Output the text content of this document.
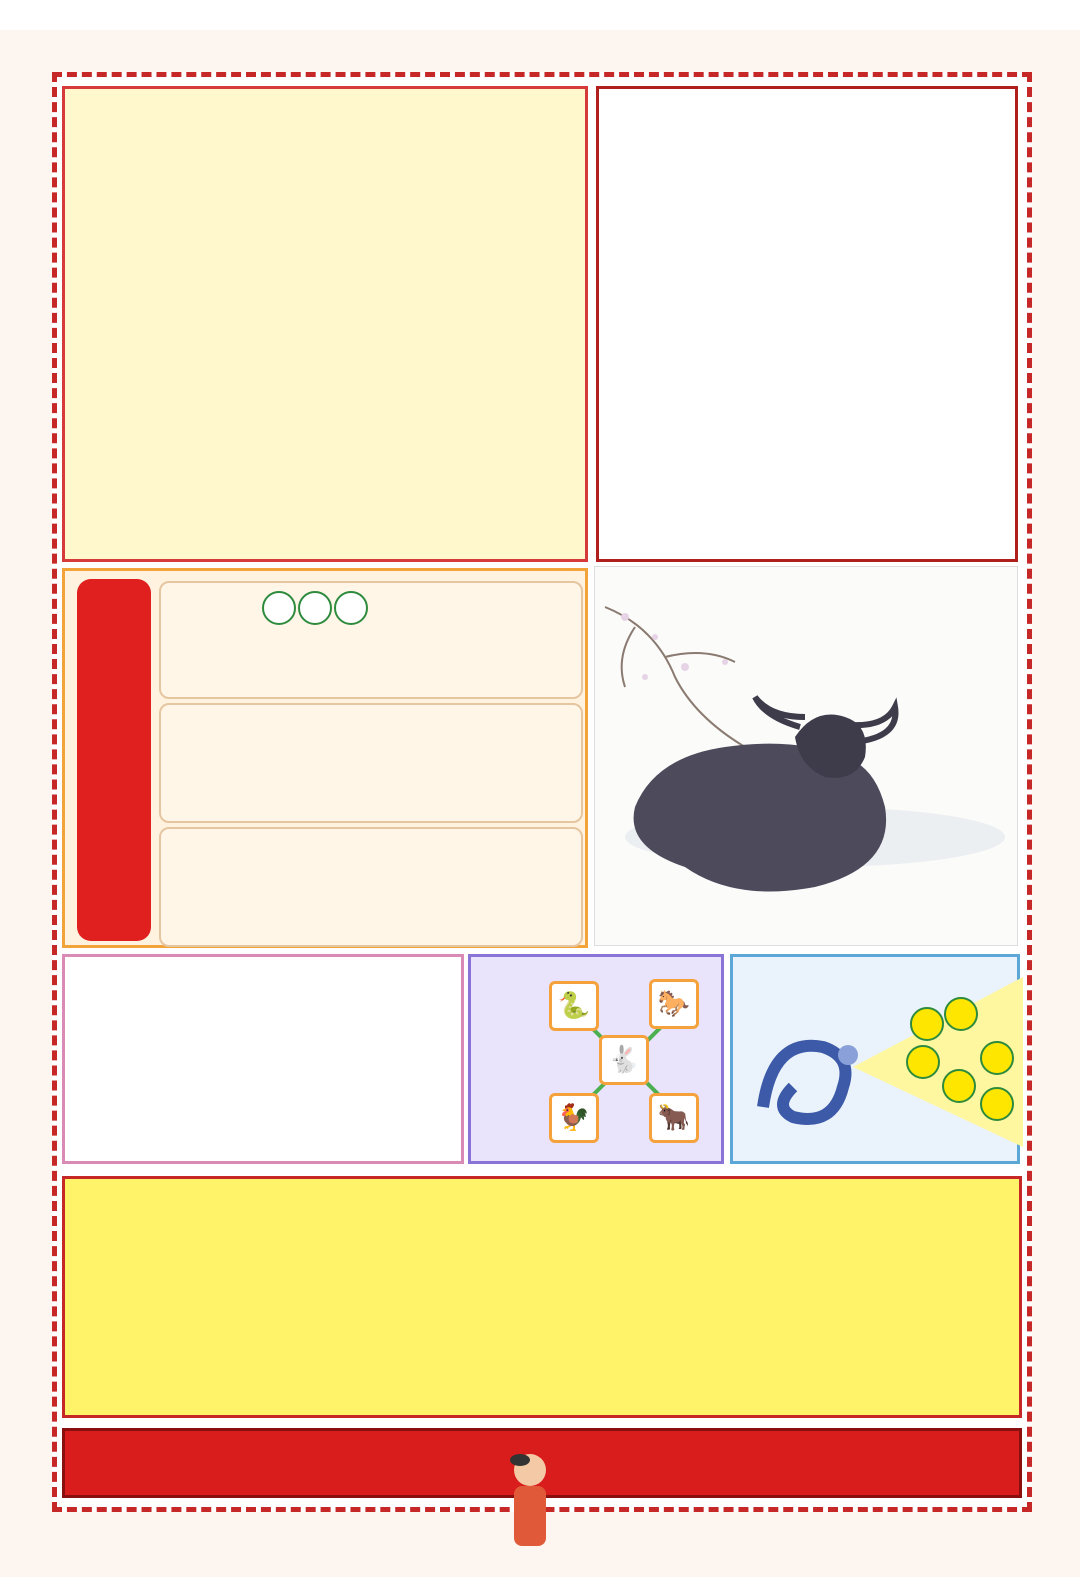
🐍	🐎
🐇
🐓	🐂
